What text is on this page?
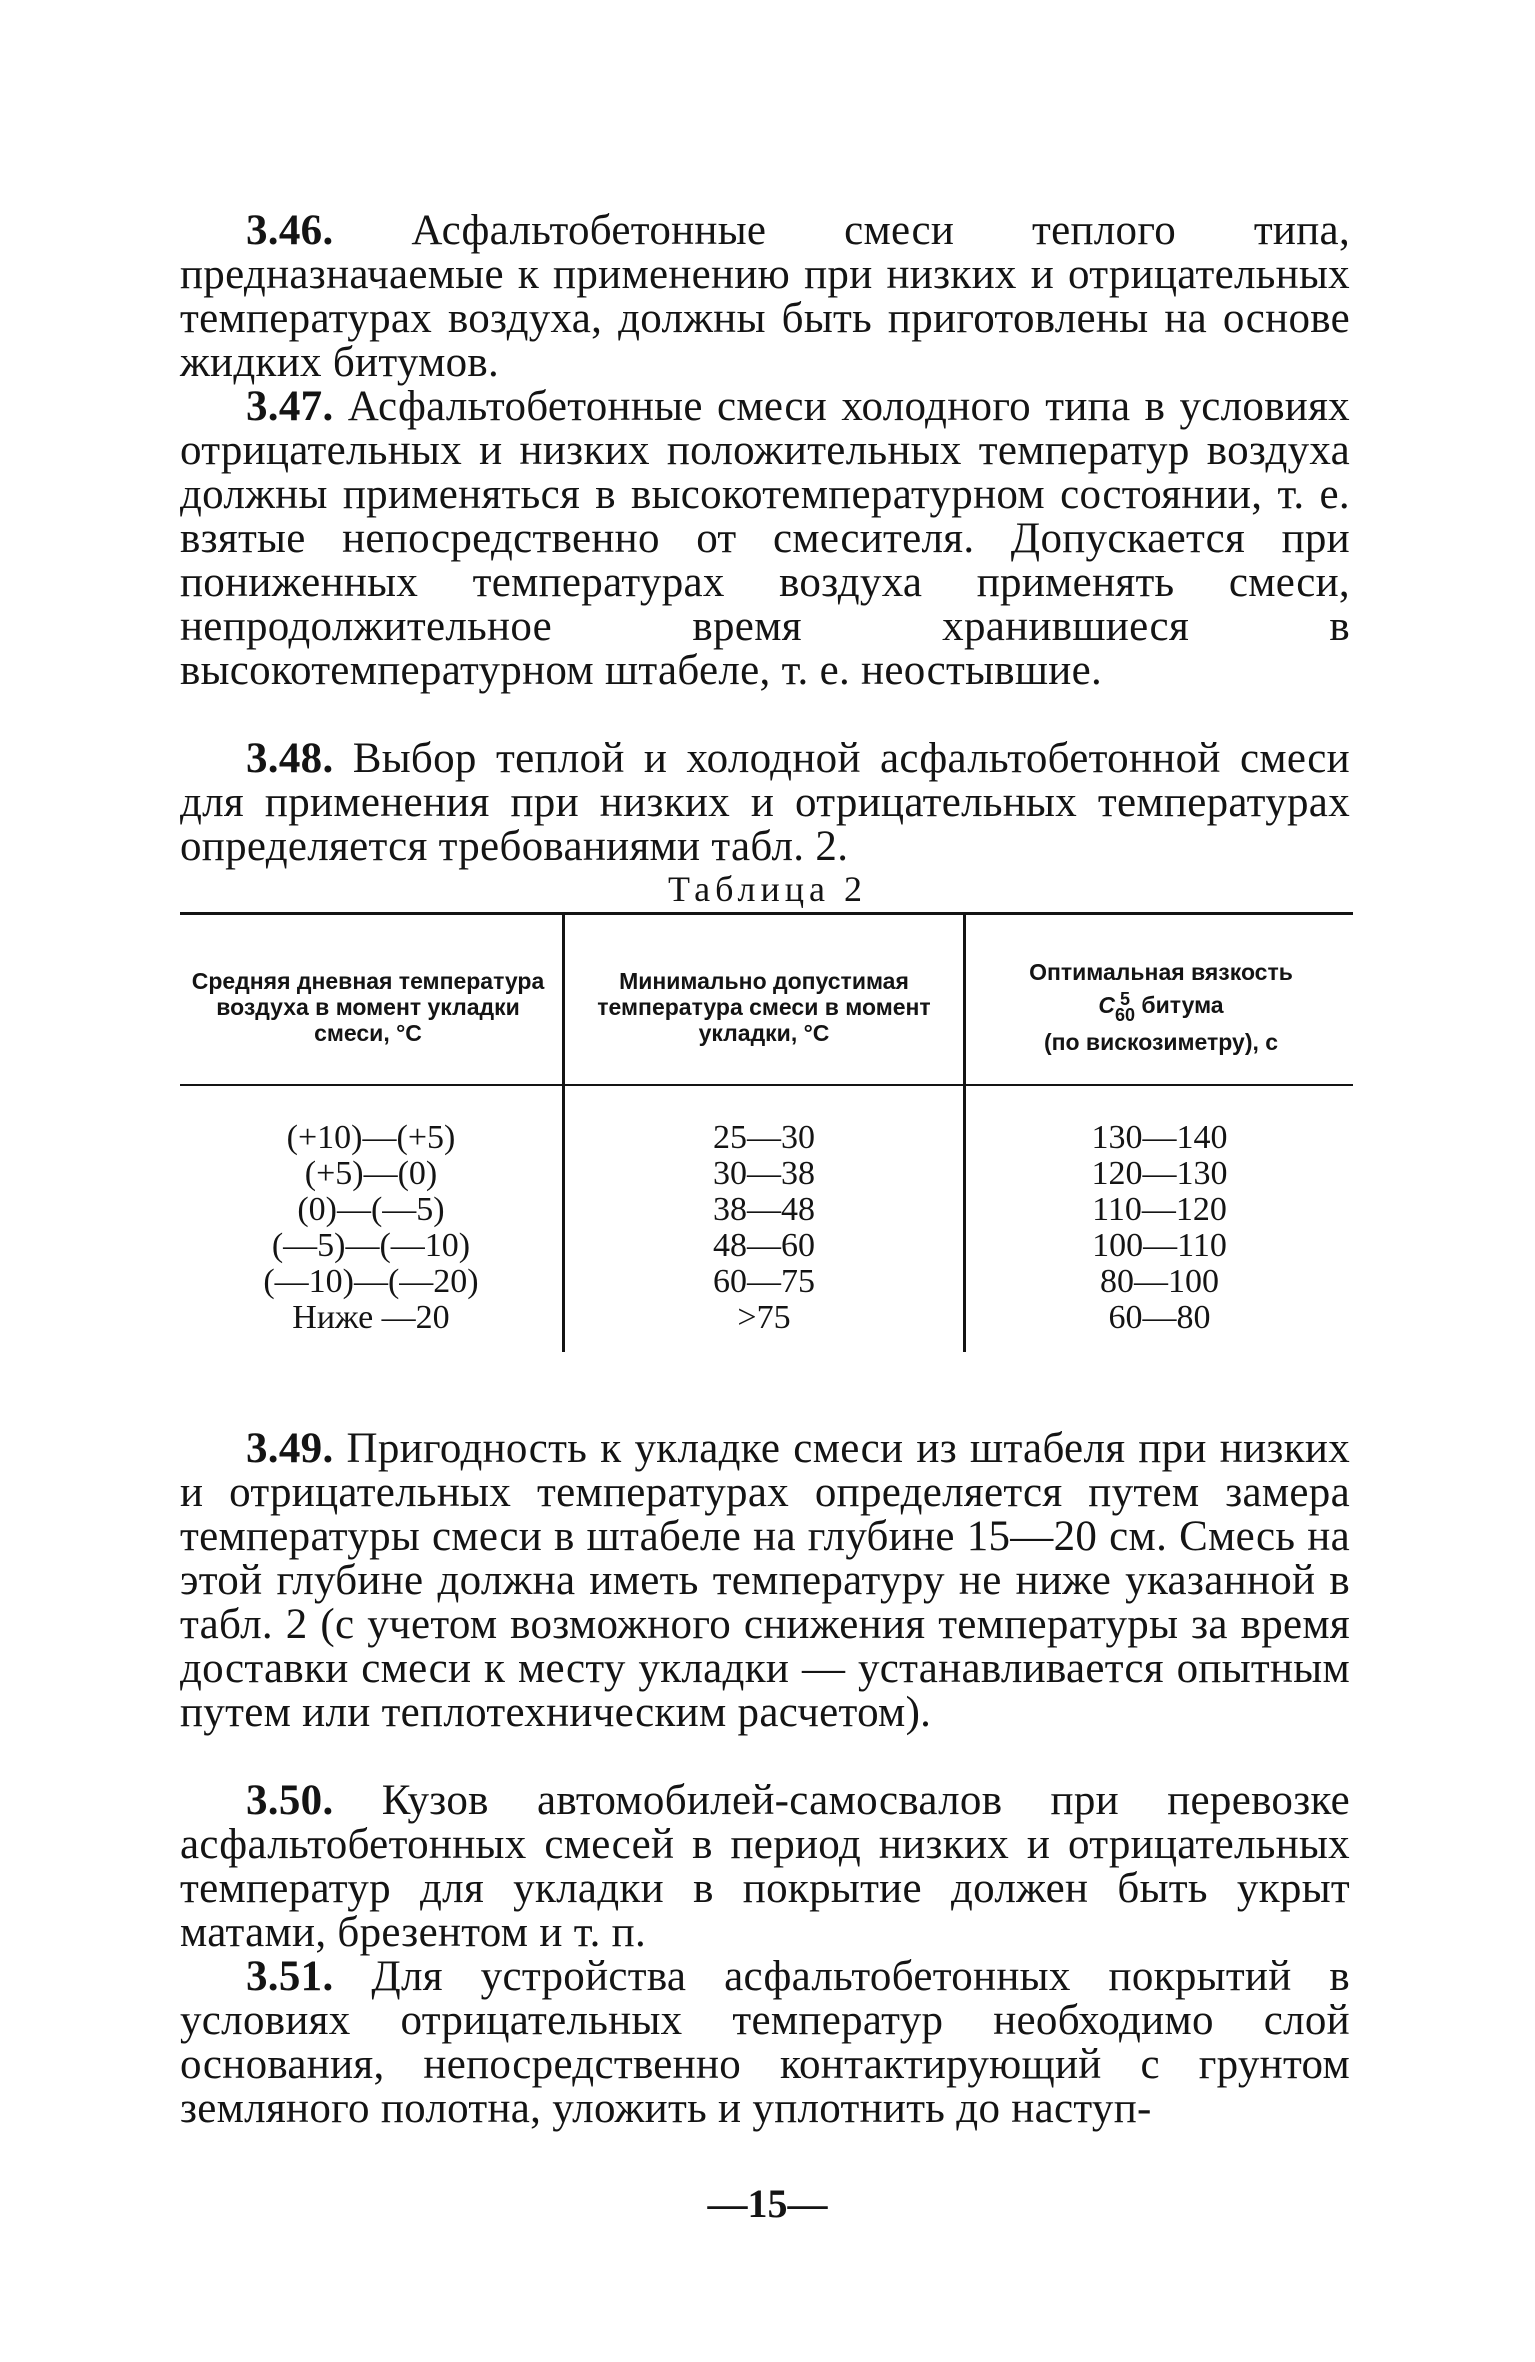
3.46. Асфальтобетонные смеси теплого типа, предназначаемые к применению при низких и отрицательных температурах воздуха, должны быть приготовлены на основе жидких битумов.

3.47. Асфальтобетонные смеси холодного типа в условиях отрицательных и низких положительных температур воздуха должны применяться в высокотемпературном состоянии, т. е. взятые непосредственно от смесителя. Допускается при пониженных температурах воздуха применять смеси, непродолжительное время хранившиеся в высокотемпературном штабеле, т. е. неостывшие.

3.48. Выбор теплой и холодной асфальтобетонной смеси для применения при низких и отрицательных температурах определяется требованиями табл. 2.

Таблица 2
Средняя дневная температура воздуха в момент укладки смеси, °С
Минимально допустимая температура смеси в момент укладки, °С
Оптимальная вязкость
C 5
60 битума
(по вискозиметру), с
(+10)—(+5)
(+5)—(0)
(0)—(—5)
(—5)—(—10)
(—10)—(—20)
Ниже —20
25—30
30—38
38—48
48—60
60—75
>75
130—140
120—130
110—120
100—110
80—100
60—80

3.49. Пригодность к укладке смеси из штабеля при низких и отрицательных температурах определяется путем замера температуры смеси в штабеле на глубине 15—20 см. Смесь на этой глубине должна иметь температуру не ниже указанной в табл. 2 (с учетом возможного снижения температуры за время доставки смеси к месту укладки — устанавливается опытным путем или теплотехническим расчетом).

3.50. Кузов автомобилей-самосвалов при перевозке асфальтобетонных смесей в период низких и отрицательных температур для укладки в покрытие должен быть укрыт матами, брезентом и т. п.

3.51. Для устройства асфальтобетонных покрытий в условиях отрицательных температур необходимо слой основания, непосредственно контактирующий с грунтом земляного полотна, уложить и уплотнить до наступ-

—15—
